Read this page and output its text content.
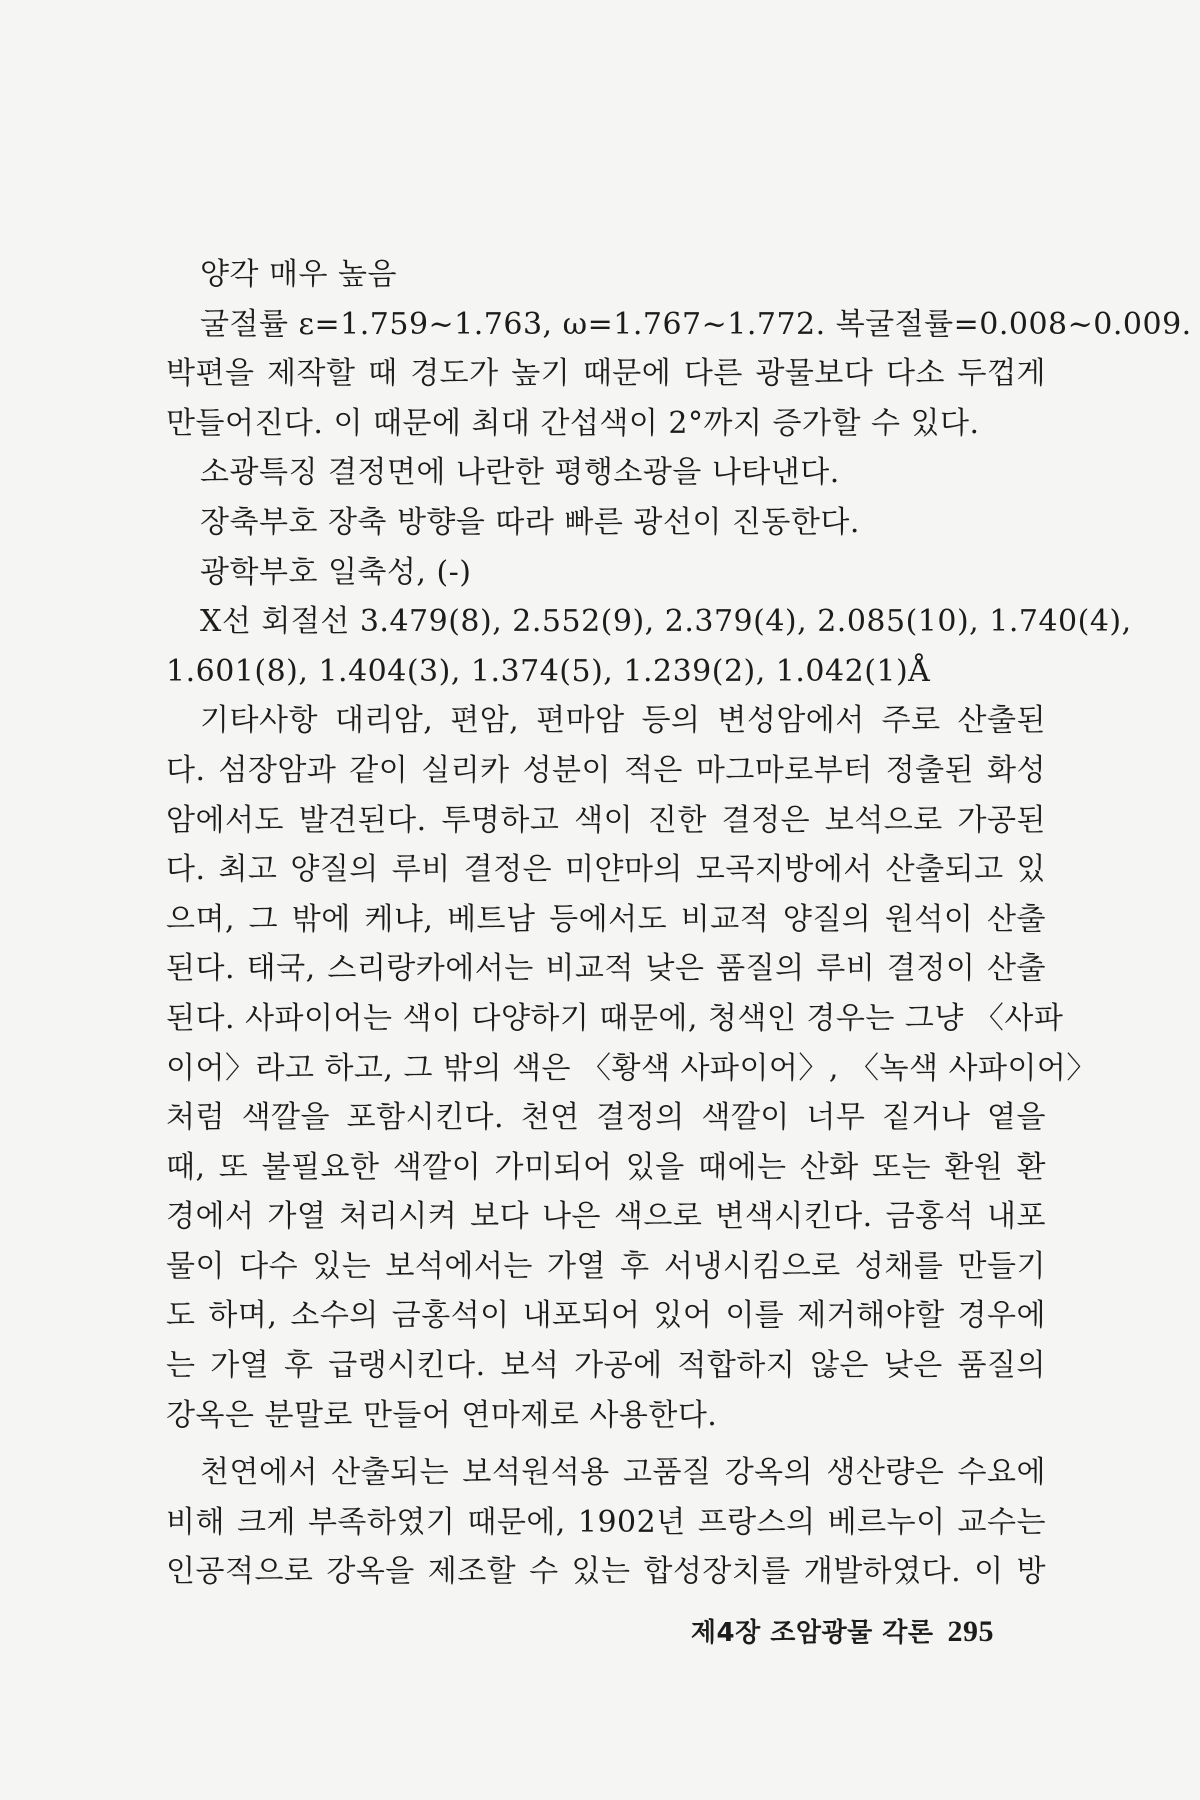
양각 매우 높음
굴절률 ε=1.759~1.763, ω=1.767~1.772. 복굴절률=0.008~0.009.
박편을 제작할 때 경도가 높기 때문에 다른 광물보다 다소 두껍게
만들어진다. 이 때문에 최대 간섭색이 2°까지 증가할 수 있다.
소광특징 결정면에 나란한 평행소광을 나타낸다.
장축부호 장축 방향을 따라 빠른 광선이 진동한다.
광학부호 일축성, (-)
X선 회절선 3.479(8), 2.552(9), 2.379(4), 2.085(10), 1.740(4),
1.601(8), 1.404(3), 1.374(5), 1.239(2), 1.042(1)Å
기타사항 대리암, 편암, 편마암 등의 변성암에서 주로 산출된
다. 섬장암과 같이 실리카 성분이 적은 마그마로부터 정출된 화성
암에서도 발견된다. 투명하고 색이 진한 결정은 보석으로 가공된
다. 최고 양질의 루비 결정은 미얀마의 모곡지방에서 산출되고 있
으며, 그 밖에 케냐, 베트남 등에서도 비교적 양질의 원석이 산출
된다. 태국, 스리랑카에서는 비교적 낮은 품질의 루비 결정이 산출
된다. 사파이어는 색이 다양하기 때문에, 청색인 경우는 그냥 〈사파
이어〉라고 하고, 그 밖의 색은 〈황색 사파이어〉, 〈녹색 사파이어〉
처럼 색깔을 포함시킨다. 천연 결정의 색깔이 너무 짙거나 옅을
때, 또 불필요한 색깔이 가미되어 있을 때에는 산화 또는 환원 환
경에서 가열 처리시켜 보다 나은 색으로 변색시킨다. 금홍석 내포
물이 다수 있는 보석에서는 가열 후 서냉시킴으로 성채를 만들기
도 하며, 소수의 금홍석이 내포되어 있어 이를 제거해야할 경우에
는 가열 후 급랭시킨다. 보석 가공에 적합하지 않은 낮은 품질의
강옥은 분말로 만들어 연마제로 사용한다.
천연에서 산출되는 보석원석용 고품질 강옥의 생산량은 수요에
비해 크게 부족하였기 때문에, 1902년 프랑스의 베르누이 교수는
인공적으로 강옥을 제조할 수 있는 합성장치를 개발하였다. 이 방
제4장 조암광물 각론 295
